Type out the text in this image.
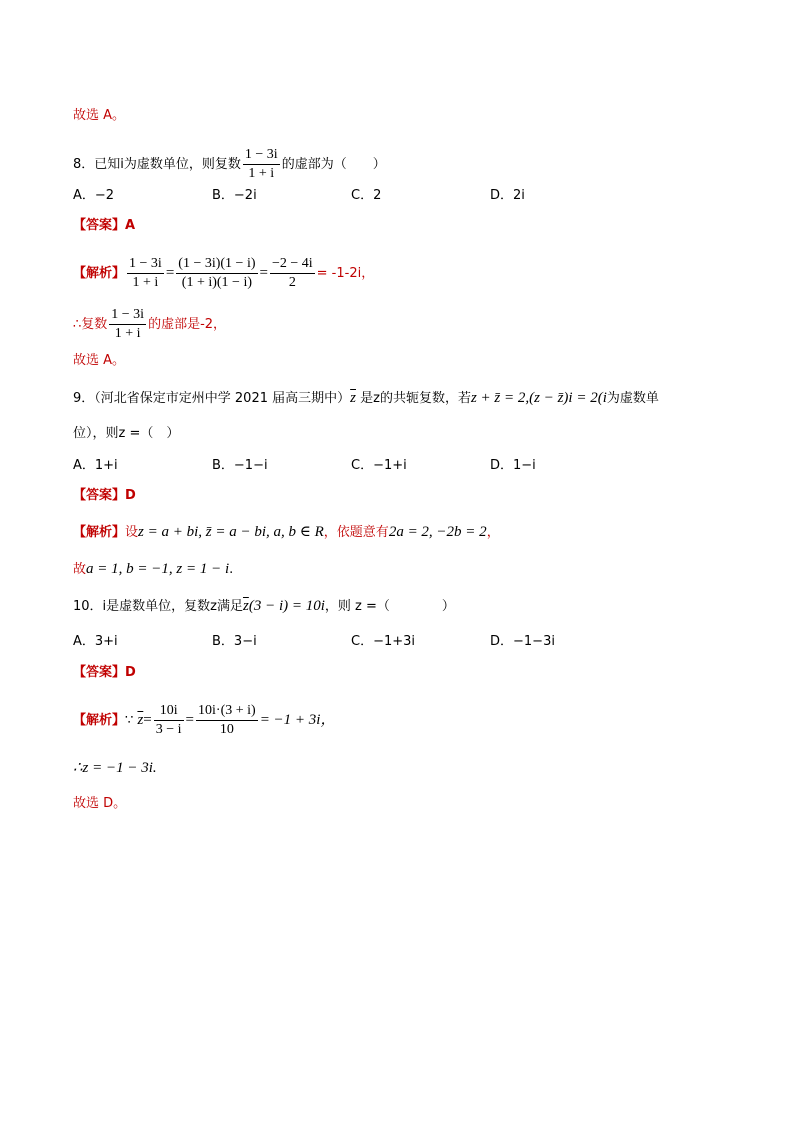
故选 A。
8．已知i为虚数单位，则复数 $\frac{1 - 3i}{1 + i}$ 的虚部为（　　）
A．−2	B．−2i	C．2	D．2i
【答案】A
【解析】 $\frac{1 - 3i}{1 + i} = \frac{(1 - 3i)(1 - i)}{(1 + i)(1 - i)} = \frac{-2 - 4i}{2} = -1-2i$，
∴复数 $\frac{1 - 3i}{1 + i}$ 的虚部是-2，
故选 A。
9．（河北省保定市定州中学 2021 届高三期中）$\overline{z}$ 是z的共轭复数，若z + z̄ = 2,(z − z̄)i = 2(i为虚数单
位），则z =（　）
A．1+i	B．−1−i	C．−1+i	D．1−i
【答案】D
【解析】设z = a + bi, z̄ = a − bi, a, b ∈ R，依题意有2a = 2, −2b = 2，
故a = 1, b = −1, z = 1 − i.
10．i是虚数单位，复数z满足$\overline{z}(3 - i) = 10i$，则 z =（　　　　）
A．3+i	B．3−i	C．−1+3i	D．−1−3i
【答案】D
【解析】∵ $\overline{z}= \frac{10i}{3 - i} = \frac{10i\cdot(3 + i)}{10} = -1 + 3i$，
∴z = −1 − 3i.
故选 D。
